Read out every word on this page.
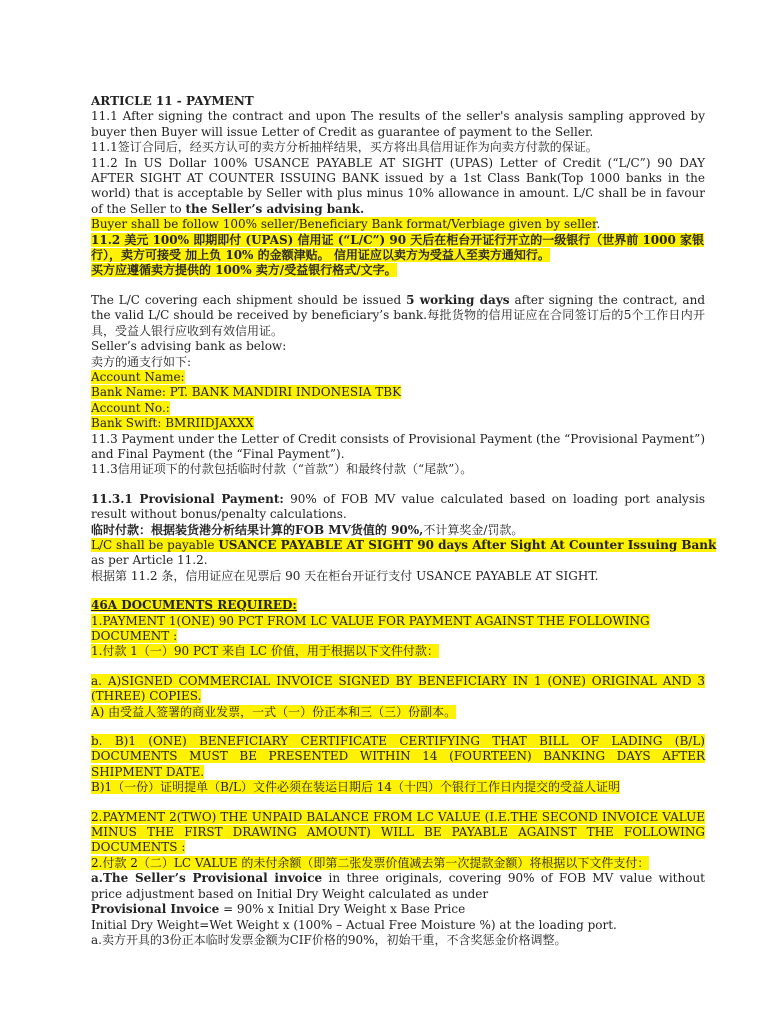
ARTICLE 11 - PAYMENT

11.1 After signing the contract and upon The results of the seller's analysis sampling approved by buyer then Buyer will issue Letter of Credit as guarantee of payment to the Seller.

11.1签订合同后，经买方认可的卖方分析抽样结果，买方将出具信用证作为向卖方付款的保证。

11.2 In US Dollar 100% USANCE PAYABLE AT SIGHT (UPAS) Letter of Credit (“L/C”) 90 DAY AFTER SIGHT AT COUNTER ISSUING BANK issued by a 1st Class Bank(Top 1000 banks in the world) that is acceptable by Seller with plus minus 10% allowance in amount. L/C shall be in favour of the Seller to the Seller’s advising bank.

Buyer shall be follow 100% seller/Beneficiary Bank format/Verbiage given by seller.

11.2 美元 100% 即期即付 (UPAS) 信用证 (“L/C”) 90 天后在柜台开证行开立的一级银行（世界前 1000 家银行），卖方可接受 加上负 10% 的金额津贴。 信用证应以卖方为受益人至卖方通知行。

买方应遵循卖方提供的 100% 卖方/受益银行格式/文字。

The L/C covering each shipment should be issued 5 working days after signing the contract, and the valid L/C should be received by beneficiary’s bank.每批货物的信用证应在合同签订后的5个工作日内开具，受益人银行应收到有效信用证。

Seller’s advising bank as below:

卖方的通支行如下:

Account Name:

Bank Name: PT. BANK MANDIRI INDONESIA TBK

Account No.:

Bank Swift: BMRIIDJAXXX

11.3 Payment under the Letter of Credit consists of Provisional Payment (the “Provisional Payment”) and Final Payment (the “Final Payment”).

11.3信用证项下的付款包括临时付款（“首款”）和最终付款（“尾款”）。

11.3.1 Provisional Payment: 90% of FOB MV value calculated based on loading port analysis result without bonus/penalty calculations.

临时付款：根据装货港分析结果计算的FOB MV货值的 90%,不计算奖金/罚款。

L/C shall be payable USANCE PAYABLE AT SIGHT 90 days After Sight At Counter Issuing Bank

as per Article 11.2.

根据第 11.2 条，信用证应在见票后 90 天在柜台开证行支付 USANCE PAYABLE AT SIGHT.

46A DOCUMENTS REQUIRED:

1.PAYMENT 1(ONE) 90 PCT FROM LC VALUE FOR PAYMENT AGAINST THE FOLLOWING DOCUMENT :

1.付款 1（一）90 PCT 来自 LC 价值，用于根据以下文件付款：

a. A)SIGNED COMMERCIAL INVOICE SIGNED BY BENEFICIARY IN 1 (ONE) ORIGINAL AND 3 (THREE) COPIES.

A) 由受益人签署的商业发票，一式（一）份正本和三（三）份副本。

b. B)1 (ONE) BENEFICIARY CERTIFICATE CERTIFYING THAT BILL OF LADING (B/L) DOCUMENTS MUST BE PRESENTED WITHIN 14 (FOURTEEN) BANKING DAYS AFTER SHIPMENT DATE.

B)1（一份）证明提单（B/L）文件必须在装运日期后 14（十四）个银行工作日内提交的受益人证明

2.PAYMENT 2(TWO) THE UNPAID BALANCE FROM LC VALUE (I.E.THE SECOND INVOICE VALUE MINUS THE FIRST DRAWING AMOUNT) WILL BE PAYABLE AGAINST THE FOLLOWING DOCUMENTS :

2.付款 2（二）LC VALUE 的未付余额（即第二张发票价值减去第一次提款金额）将根据以下文件支付：

a.The Seller’s Provisional invoice in three originals, covering 90% of FOB MV value without price adjustment based on Initial Dry Weight calculated as under

Provisional Invoice = 90% x Initial Dry Weight x Base Price

Initial Dry Weight=Wet Weight x (100% – Actual Free Moisture %) at the loading port.

a.卖方开具的3份正本临时发票金额为CIF价格的90%，初始干重，不含奖惩金价格调整。
